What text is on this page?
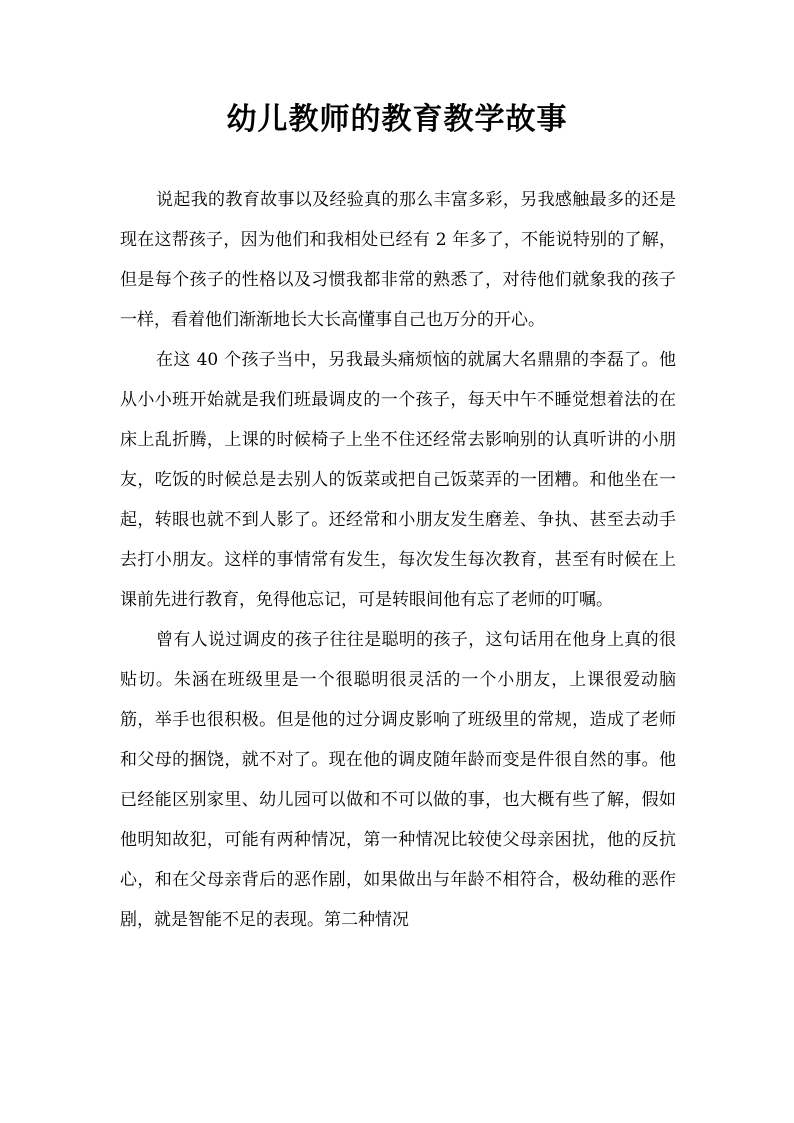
幼儿教师的教育教学故事

说起我的教育故事以及经验真的那么丰富多彩，另我感触最多的还是现在这帮孩子，因为他们和我相处已经有 2 年多了，不能说特别的了解，但是每个孩子的性格以及习惯我都非常的熟悉了，对待他们就象我的孩子一样，看着他们渐渐地长大长高懂事自己也万分的开心。

在这 40 个孩子当中，另我最头痛烦恼的就属大名鼎鼎的李磊了。他从小小班开始就是我们班最调皮的一个孩子，每天中午不睡觉想着法的在床上乱折腾，上课的时候椅子上坐不住还经常去影响别的认真听讲的小朋友，吃饭的时候总是去别人的饭菜或把自己饭菜弄的一团糟。和他坐在一起，转眼也就不到人影了。还经常和小朋友发生磨差、争执、甚至去动手去打小朋友。这样的事情常有发生，每次发生每次教育，甚至有时候在上课前先进行教育，免得他忘记，可是转眼间他有忘了老师的叮嘱。

曾有人说过调皮的孩子往往是聪明的孩子，这句话用在他身上真的很贴切。朱涵在班级里是一个很聪明很灵活的一个小朋友，上课很爱动脑筋，举手也很积极。但是他的过分调皮影响了班级里的常规，造成了老师和父母的捆饶，就不对了。现在他的调皮随年龄而变是件很自然的事。他已经能区别家里、幼儿园可以做和不可以做的事，也大概有些了解，假如他明知故犯，可能有两种情况，第一种情况比较使父母亲困扰，他的反抗心，和在父母亲背后的恶作剧，如果做出与年龄不相符合，极幼稚的恶作剧，就是智能不足的表现。第二种情况
